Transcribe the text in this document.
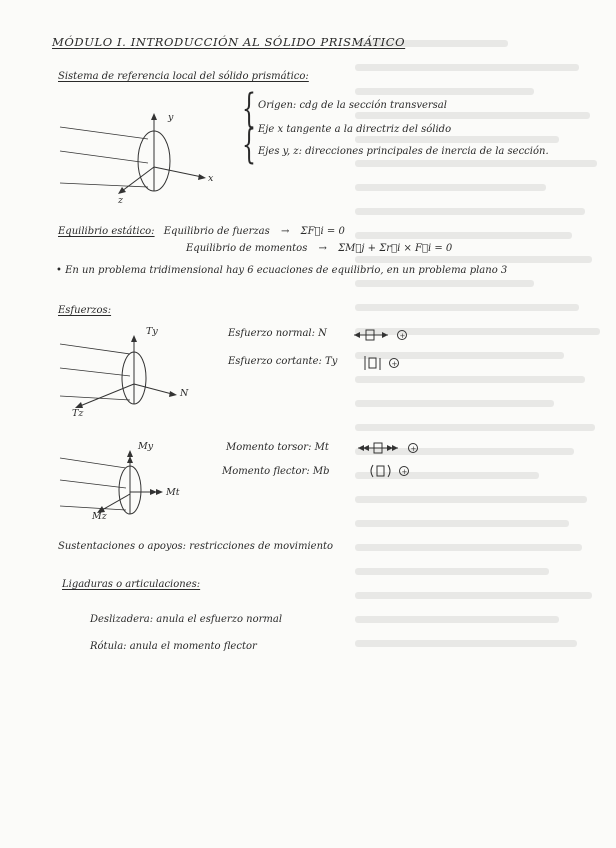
MÓDULO I. INTRODUCCIÓN AL SÓLIDO PRISMÁTICO
Sistema de referencia local del sólido prismático:
y
x
z
{
{
Origen: cdg de la sección transversal
Eje x tangente a la directriz del sólido
Ejes y, z: direcciones principales de inercia de la sección.
Equilibrio estático: Equilibrio de fuerzas → ΣF⃗i = 0
Equilibrio de momentos → ΣM⃗j + Σr⃗i × F⃗i = 0
• En un problema tridimensional hay 6 ecuaciones de equilibrio, en un problema plano 3
Esfuerzos:
Ty
Tz
N
Esfuerzo normal: N	+
Esfuerzo cortante: Ty	+
My
Mz
Mt
Momento torsor: Mt	+
Momento flector: Mb	+
Sustentaciones o apoyos: restricciones de movimiento
Ligaduras o articulaciones:
Deslizadera: anula el esfuerzo normal
Rótula: anula el momento flector
